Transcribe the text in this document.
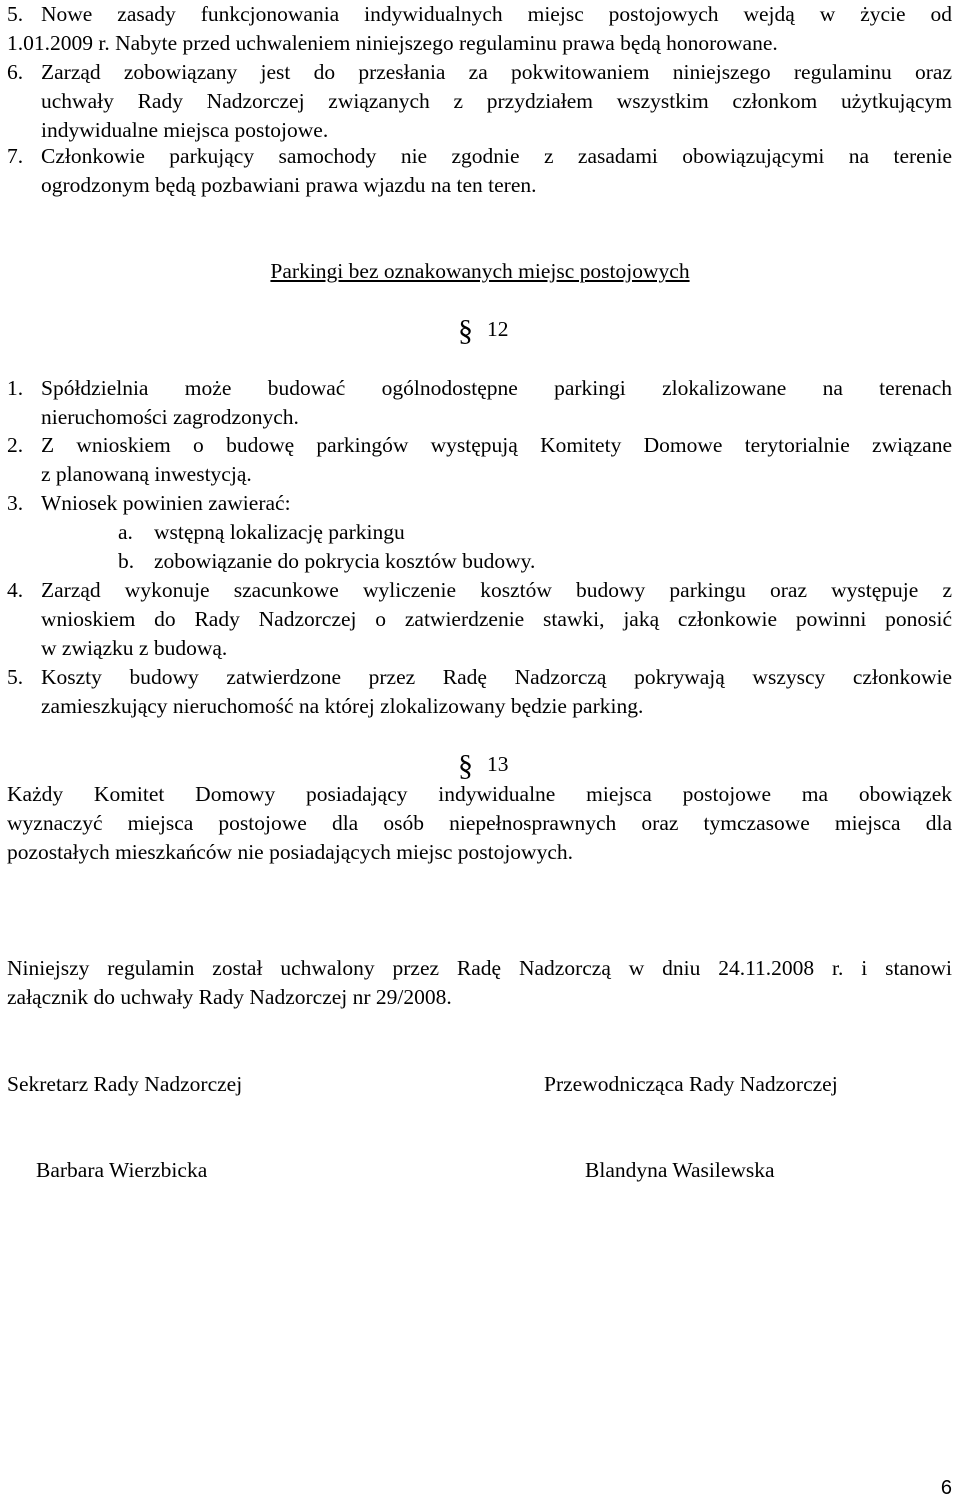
5. Nowe zasady funkcjonowania indywidualnych miejsc postojowych wejdą w życie od
1.01.2009 r. Nabyte przed uchwaleniem niniejszego regulaminu prawa będą honorowane.
6. Zarząd zobowiązany jest do przesłania za pokwitowaniem niniejszego regulaminu oraz
uchwały Rady Nadzorczej związanych z przydziałem wszystkim członkom użytkującym
indywidualne miejsca postojowe.
7. Członkowie parkujący samochody nie zgodnie z zasadami obowiązującymi na terenie
ogrodzonym będą pozbawiani prawa wjazdu na ten teren.
Parkingi bez oznakowanych miejsc postojowych
§ 12
1. Spółdzielnia może budować ogólnodostępne parkingi zlokalizowane na terenach
nieruchomości zagrodzonych.
2. Z wnioskiem o budowę parkingów występują Komitety Domowe terytorialnie związane
z planowaną inwestycją.
3. Wniosek powinien zawierać:
a. wstępną lokalizację parkingu
b. zobowiązanie do pokrycia kosztów budowy.
4. Zarząd wykonuje szacunkowe wyliczenie kosztów budowy parkingu oraz występuje z
wnioskiem do Rady Nadzorczej o zatwierdzenie stawki, jaką członkowie powinni ponosić
w związku z budową.
5. Koszty budowy zatwierdzone przez Radę Nadzorczą pokrywają wszyscy członkowie
zamieszkujący nieruchomość na której zlokalizowany będzie parking.
§ 13
Każdy Komitet Domowy posiadający indywidualne miejsca postojowe ma obowiązek
wyznaczyć miejsca postojowe dla osób niepełnosprawnych oraz tymczasowe miejsca dla
pozostałych mieszkańców nie posiadających miejsc postojowych.
Niniejszy regulamin został uchwalony przez Radę Nadzorczą w dniu 24.11.2008 r. i stanowi
załącznik do uchwały Rady Nadzorczej nr 29/2008.
Sekretarz Rady Nadzorczej	Przewodnicząca Rady Nadzorczej
Barbara Wierzbicka	Blandyna Wasilewska
6
